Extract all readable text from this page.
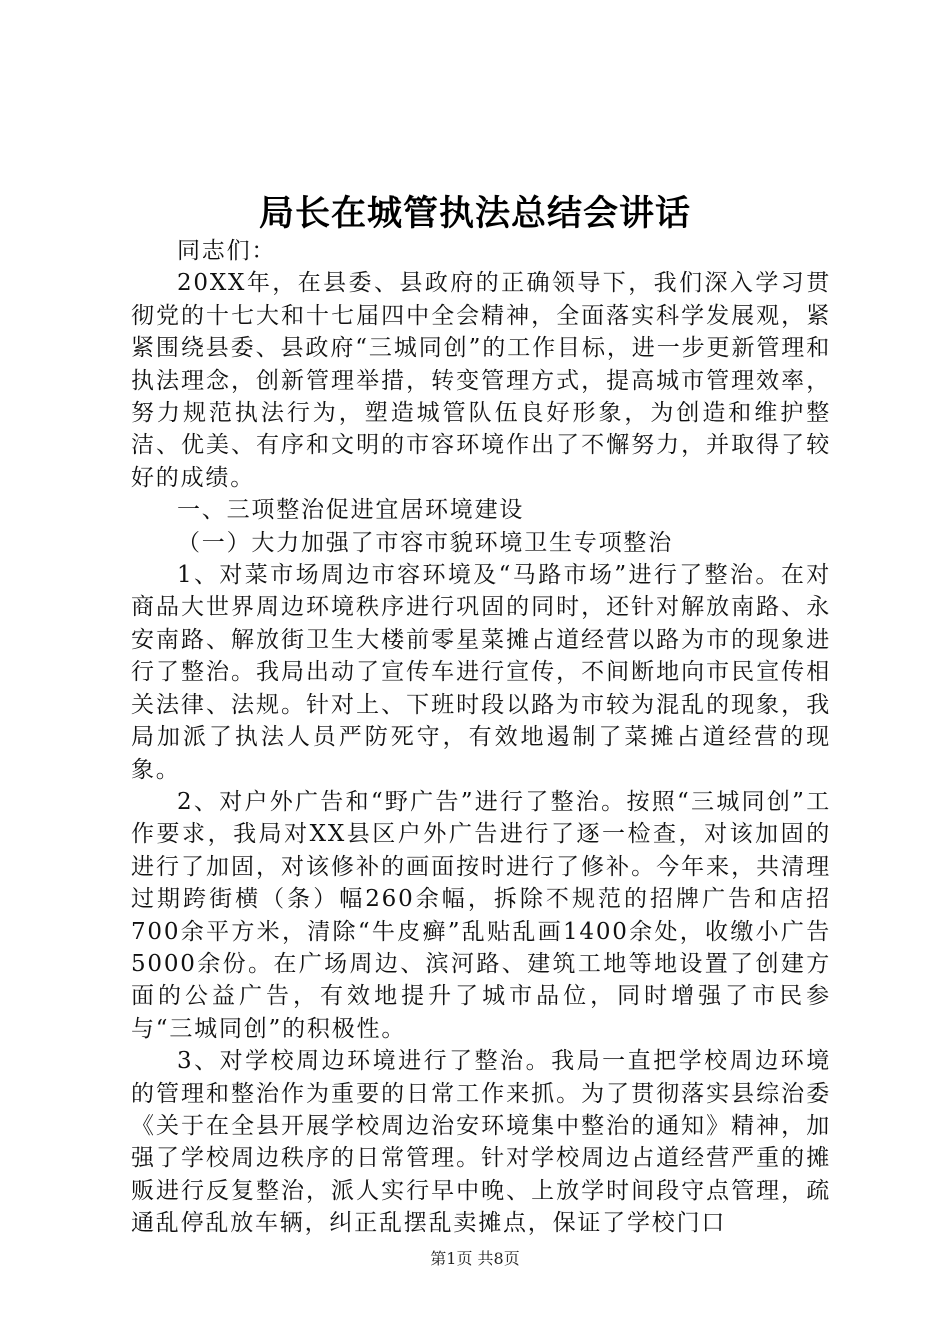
局长在城管执法总结会讲话

同志们：

20XX年，在县委、县政府的正确领导下，我们深入学习贯彻党的十七大和十七届四中全会精神，全面落实科学发展观，紧紧围绕县委、县政府“三城同创”的工作目标，进一步更新管理和执法理念，创新管理举措，转变管理方式，提高城市管理效率，努力规范执法行为，塑造城管队伍良好形象，为创造和维护整洁、优美、有序和文明的市容环境作出了不懈努力，并取得了较好的成绩。

一、三项整治促进宜居环境建设

（一）大力加强了市容市貌环境卫生专项整治

1、对菜市场周边市容环境及“马路市场”进行了整治。在对商品大世界周边环境秩序进行巩固的同时，还针对解放南路、永安南路、解放街卫生大楼前零星菜摊占道经营以路为市的现象进行了整治。我局出动了宣传车进行宣传，不间断地向市民宣传相关法律、法规。针对上、下班时段以路为市较为混乱的现象，我局加派了执法人员严防死守，有效地遏制了菜摊占道经营的现象。

2、对户外广告和“野广告”进行了整治。按照“三城同创”工作要求，我局对XX县区户外广告进行了逐一检查，对该加固的进行了加固，对该修补的画面按时进行了修补。今年来，共清理过期跨街横（条）幅260余幅，拆除不规范的招牌广告和店招700余平方米，清除“牛皮癣”乱贴乱画1400余处，收缴小广告5000余份。在广场周边、滨河路、建筑工地等地设置了创建方面的公益广告，有效地提升了城市品位，同时增强了市民参与“三城同创”的积极性。

3、对学校周边环境进行了整治。我局一直把学校周边环境的管理和整治作为重要的日常工作来抓。为了贯彻落实县综治委《关于在全县开展学校周边治安环境集中整治的通知》精神，加强了学校周边秩序的日常管理。针对学校周边占道经营严重的摊贩进行反复整治，派人实行早中晚、上放学时间段守点管理，疏通乱停乱放车辆，纠正乱摆乱卖摊点，保证了学校门口

第1页 共8页
